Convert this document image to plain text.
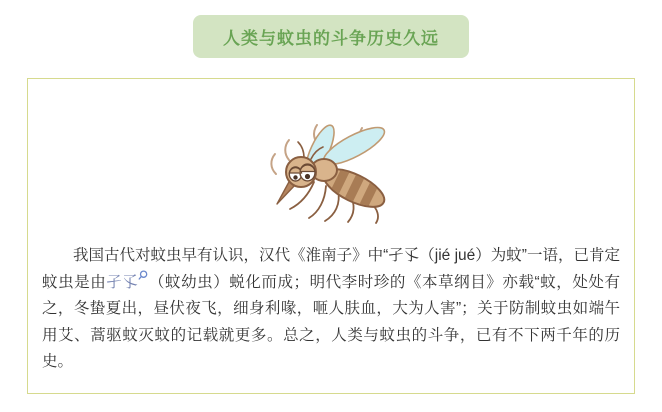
人类与蚊虫的斗争历史久远

我国古代对蚊虫早有认识，汉代《淮南子》中“孑孓（jié jué）为蚊”一语，已肯定蚊虫是由孑孓 （蚊幼虫）蜕化而成；明代李时珍的《本草纲目》亦载“蚊，处处有之，冬蛰夏出，昼伏夜飞，细身利喙，咂人肤血，大为人害”；关于防制蚊虫如端午用艾、蒿驱蚊灭蚊的记载就更多。总之，人类与蚊虫的斗争，已有不下两千年的历史。
